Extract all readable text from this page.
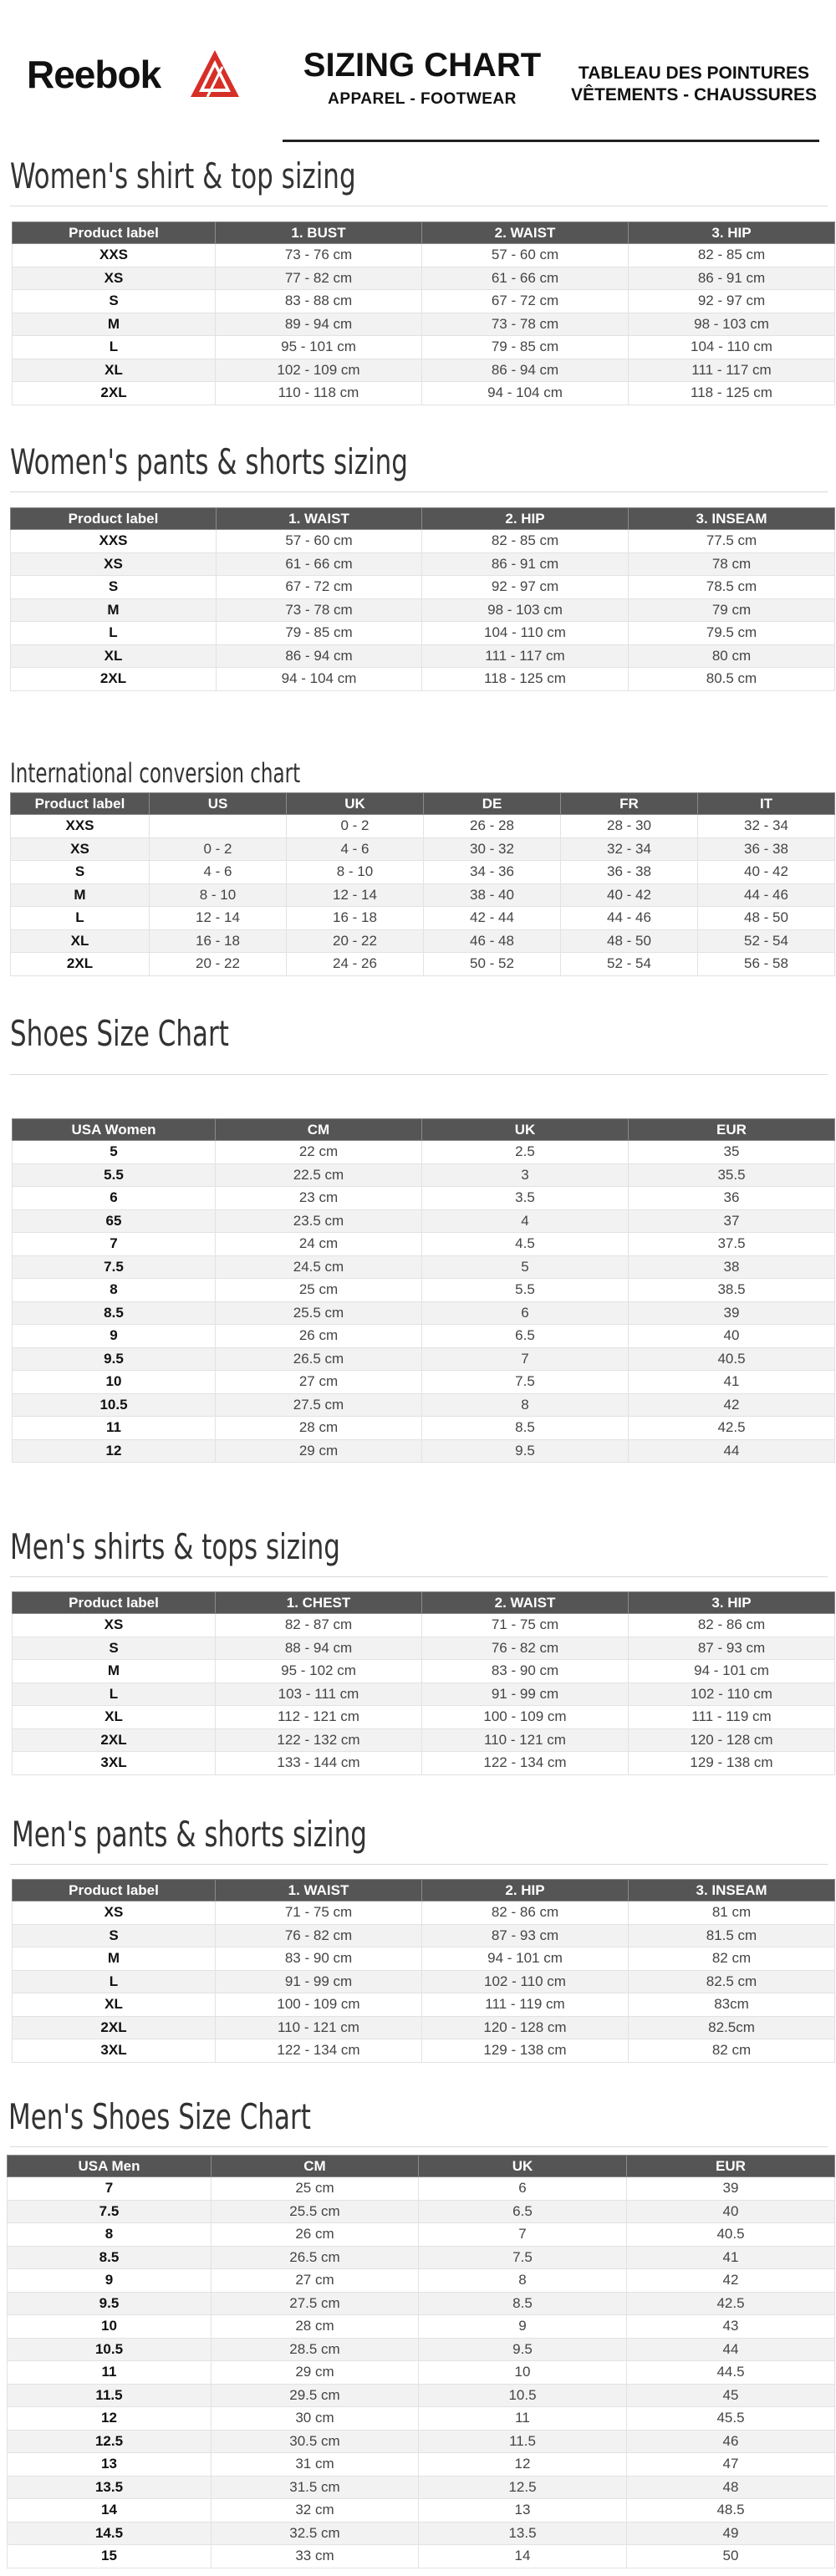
Reebok	SIZING CHART
APPAREL - FOOTWEAR
TABLEAU DES POINTURES
VÊTEMENTS - CHAUSSURES
Women's shirt & top sizing
Product label	1. BUST	2. WAIST	3. HIP
XXS	73 - 76 cm	57 - 60 cm	82 - 85 cm
XS	77 - 82 cm	61 - 66 cm	86 - 91 cm
S	83 - 88 cm	67 - 72 cm	92 - 97 cm
M	89 - 94 cm	73 - 78 cm	98 - 103 cm
L	95 - 101 cm	79 - 85 cm	104 - 110 cm
XL	102 - 109 cm	86 - 94 cm	111 - 117 cm
2XL	110 - 118 cm	94 - 104 cm	118 - 125 cm
Women's pants & shorts sizing
Product label	1. WAIST	2. HIP	3. INSEAM
XXS	57 - 60 cm	82 - 85 cm	77.5 cm
XS	61 - 66 cm	86 - 91 cm	78 cm
S	67 - 72 cm	92 - 97 cm	78.5 cm
M	73 - 78 cm	98 - 103 cm	79 cm
L	79 - 85 cm	104 - 110 cm	79.5 cm
XL	86 - 94 cm	111 - 117 cm	80 cm
2XL	94 - 104 cm	118 - 125 cm	80.5 cm
International conversion chart
Product label	US	UK	DE	FR	IT
XXS		0 - 2	26 - 28	28 - 30	32 - 34
XS	0 - 2	4 - 6	30 - 32	32 - 34	36 - 38
S	4 - 6	8 - 10	34 - 36	36 - 38	40 - 42
M	8 - 10	12 - 14	38 - 40	40 - 42	44 - 46
L	12 - 14	16 - 18	42 - 44	44 - 46	48 - 50
XL	16 - 18	20 - 22	46 - 48	48 - 50	52 - 54
2XL	20 - 22	24 - 26	50 - 52	52 - 54	56 - 58
Shoes Size Chart
USA Women	CM	UK	EUR
5	22 cm	2.5	35
5.5	22.5 cm	3	35.5
6	23 cm	3.5	36
65	23.5 cm	4	37
7	24 cm	4.5	37.5
7.5	24.5 cm	5	38
8	25 cm	5.5	38.5
8.5	25.5 cm	6	39
9	26 cm	6.5	40
9.5	26.5 cm	7	40.5
10	27 cm	7.5	41
10.5	27.5 cm	8	42
11	28 cm	8.5	42.5
12	29 cm	9.5	44
Men's shirts & tops sizing
Product label	1. CHEST	2. WAIST	3. HIP
XS	82 - 87 cm	71 - 75 cm	82 - 86 cm
S	88 - 94 cm	76 - 82 cm	87 - 93 cm
M	95 - 102 cm	83 - 90 cm	94 - 101 cm
L	103 - 111 cm	91 - 99 cm	102 - 110 cm
XL	112 - 121 cm	100 - 109 cm	111 - 119 cm
2XL	122 - 132 cm	110 - 121 cm	120 - 128 cm
3XL	133 - 144 cm	122 - 134 cm	129 - 138 cm
Men's pants & shorts sizing
Product label	1. WAIST	2. HIP	3. INSEAM
XS	71 - 75 cm	82 - 86 cm	81 cm
S	76 - 82 cm	87 - 93 cm	81.5 cm
M	83 - 90 cm	94 - 101 cm	82 cm
L	91 - 99 cm	102 - 110 cm	82.5 cm
XL	100 - 109 cm	111 - 119 cm	83cm
2XL	110 - 121 cm	120 - 128 cm	82.5cm
3XL	122 - 134 cm	129 - 138 cm	82 cm
Men's Shoes Size Chart
USA Men	CM	UK	EUR
7	25 cm	6	39
7.5	25.5 cm	6.5	40
8	26 cm	7	40.5
8.5	26.5 cm	7.5	41
9	27 cm	8	42
9.5	27.5 cm	8.5	42.5
10	28 cm	9	43
10.5	28.5 cm	9.5	44
11	29 cm	10	44.5
11.5	29.5 cm	10.5	45
12	30 cm	11	45.5
12.5	30.5 cm	11.5	46
13	31 cm	12	47
13.5	31.5 cm	12.5	48
14	32 cm	13	48.5
14.5	32.5 cm	13.5	49
15	33 cm	14	50
